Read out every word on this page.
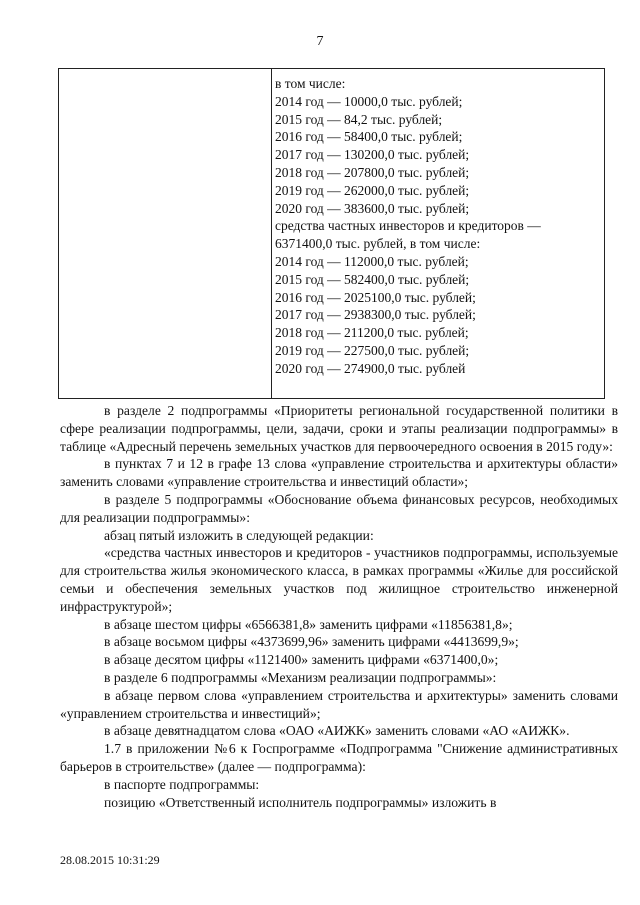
7
в том числе:
2014 год — 10000,0 тыс. рублей;
2015 год — 84,2 тыс. рублей;
2016 год — 58400,0 тыс. рублей;
2017 год — 130200,0 тыс. рублей;
2018 год — 207800,0 тыс. рублей;
2019 год — 262000,0 тыс. рублей;
2020 год — 383600,0 тыс. рублей;
средства частных инвесторов и кредиторов —
6371400,0 тыс. рублей, в том числе:
2014 год — 112000,0 тыс. рублей;
2015 год — 582400,0 тыс. рублей;
2016 год — 2025100,0 тыс. рублей;
2017 год — 2938300,0 тыс. рублей;
2018 год — 211200,0 тыс. рублей;
2019 год — 227500,0 тыс. рублей;
2020 год — 274900,0 тыс. рублей

в разделе 2 подпрограммы «Приоритеты региональной государственной политики в сфере реализации подпрограммы, цели, задачи, сроки и этапы реализации подпрограммы» в таблице «Адресный перечень земельных участков для первоочередного освоения в 2015 году»:

в пунктах 7 и 12 в графе 13 слова «управление строительства и архитектуры области» заменить словами «управление строительства и инвестиций области»;

в разделе 5 подпрограммы «Обоснование объема финансовых ресурсов, необходимых для реализации подпрограммы»:

абзац пятый изложить в следующей редакции:

«средства частных инвесторов и кредиторов - участников подпрограммы, используемые для строительства жилья экономического класса, в рамках программы «Жилье для российской семьи и обеспечения земельных участков под жилищное строительство инженерной инфраструктурой»;

в абзаце шестом цифры «6566381,8» заменить цифрами «11856381,8»;

в абзаце восьмом цифры «4373699,96» заменить цифрами «4413699,9»;

в абзаце десятом цифры «1121400» заменить цифрами «6371400,0»;

в разделе 6 подпрограммы «Механизм реализации подпрограммы»:

в абзаце первом слова «управлением строительства и архитектуры» заменить словами «управлением строительства и инвестиций»;

в абзаце девятнадцатом слова «ОАО «АИЖК» заменить словами «АО «АИЖК».

1.7 в приложении №6 к Госпрограмме «Подпрограмма "Снижение административных барьеров в строительстве» (далее — подпрограмма):

в паспорте подпрограммы:

позицию «Ответственный исполнитель подпрограммы» изложить в

28.08.2015 10:31:29
